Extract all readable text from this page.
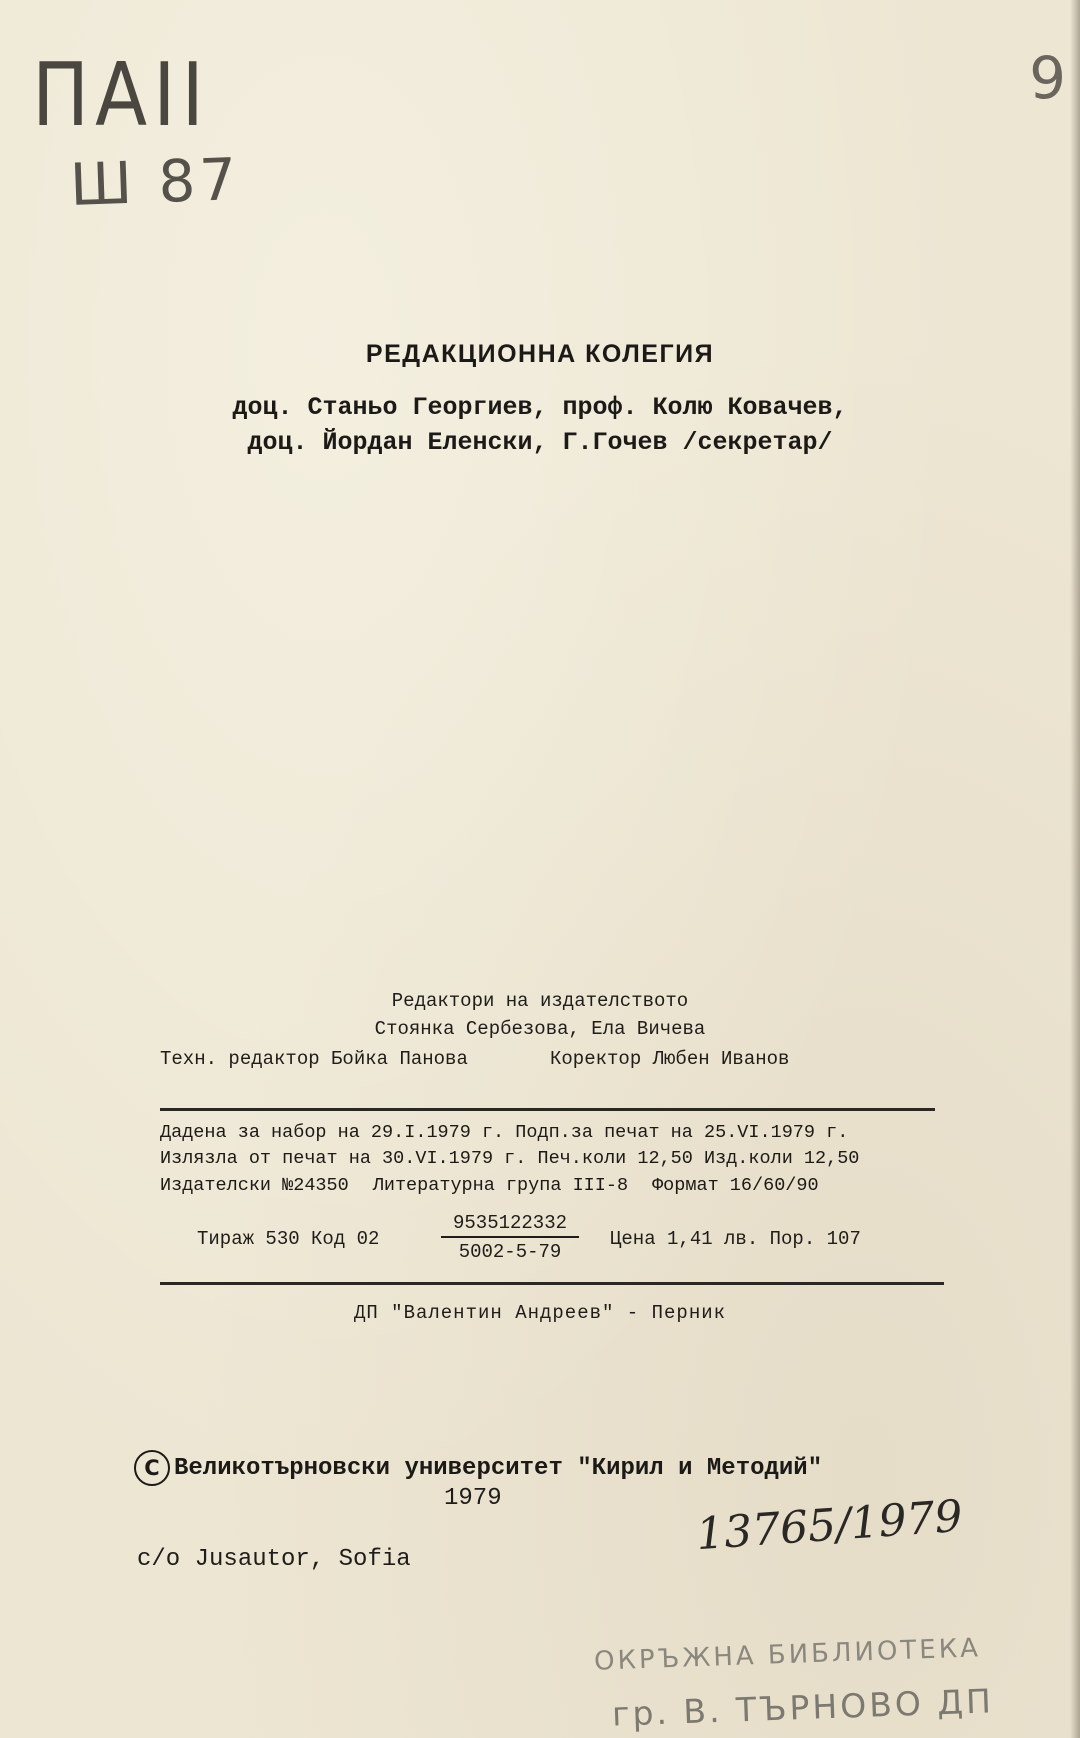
ПАII
Ш 87
9
РЕДАКЦИОННА КОЛЕГИЯ
доц. Станьо Георгиев, проф. Колю Ковачев,
доц. Йордан Еленски, Г.Гочев /секретар/
Редактори на издателството
Стоянка Сербезова, Ела Вичева
Техн. редактор Бойка Панова	Коректор Любен Иванов
Дадена за набор на 29.I.1979 г. Подп.за печат на 25.VI.1979 г.
Излязла от печат на 30.VI.1979 г. Печ.коли 12,50 Изд.коли 12,50
Издателски №24350 Литературна група III-8 Формат 16/60/90
Тираж 530 Код 02	$\frac{9535122332}{5002-5-79}$ Цена 1,41 лв. Пор. 107
ДП "Валентин Андреев" - Перник
C Великотърновски университет "Кирил и Методий"
1979
c/o Jusautor, Sofia	13765/1979
ОКРЪЖНА БИБЛИОТЕКА
гр. В. ТЪРНОВО ДП
